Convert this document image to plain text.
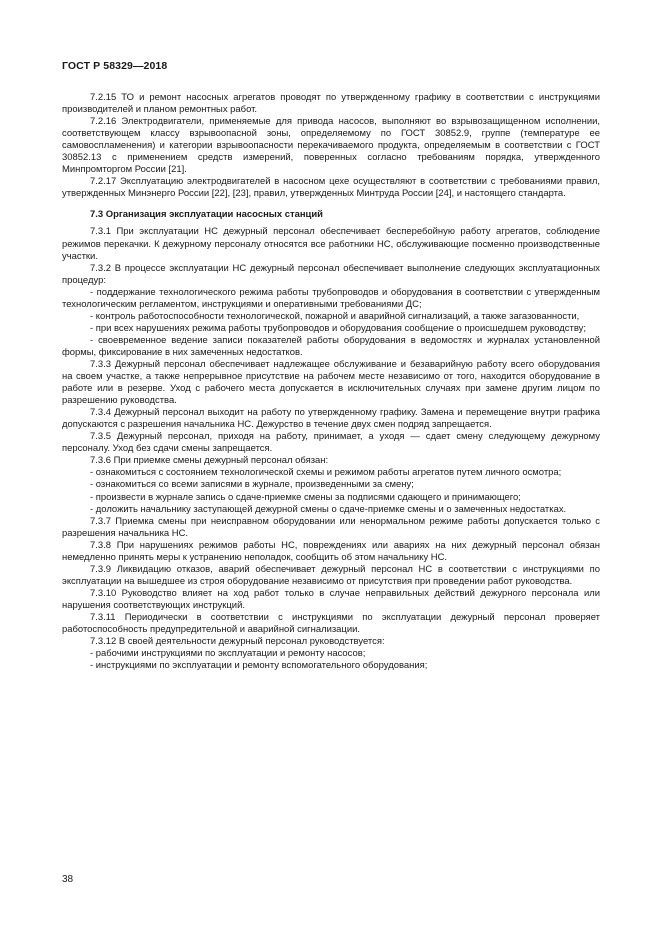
ГОСТ Р 58329—2018

7.2.15 ТО и ремонт насосных агрегатов проводят по утвержденному графику в соответствии с инструкциями производителей и планом ремонтных работ.

7.2.16 Электродвигатели, применяемые для привода насосов, выполняют во взрывозащищенном исполнении, соответствующем классу взрывоопасной зоны, определяемому по ГОСТ 30852.9, группе (температуре ее самовоспламенения) и категории взрывоопасности перекачиваемого продукта, определяемым в соответствии с ГОСТ 30852.13 с применением средств измерений, поверенных согласно требованиям порядка, утвержденного Минпромторгом России [21].

7.2.17 Эксплуатацию электродвигателей в насосном цехе осуществляют в соответствии с требованиями правил, утвержденных Минэнерго России [22], [23], правил, утвержденных Минтруда России [24], и настоящего стандарта.

7.3 Организация эксплуатации насосных станций

7.3.1 При эксплуатации НС дежурный персонал обеспечивает бесперебойную работу агрегатов, соблюдение режимов перекачки. К дежурному персоналу относятся все работники НС, обслуживающие посменно производственные участки.

7.3.2 В процессе эксплуатации НС дежурный персонал обеспечивает выполнение следующих эксплуатационных процедур:

- поддержание технологического режима работы трубопроводов и оборудования в соответствии с утвержденным технологическим регламентом, инструкциями и оперативными требованиями ДС;

- контроль работоспособности технологической, пожарной и аварийной сигнализаций, а также загазованности,

- при всех нарушениях режима работы трубопроводов и оборудования сообщение о происшедшем руководству;

- своевременное ведение записи показателей работы оборудования в ведомостях и журналах установленной формы, фиксирование в них замеченных недостатков.

7.3.3 Дежурный персонал обеспечивает надлежащее обслуживание и безаварийную работу всего оборудования на своем участке, а также непрерывное присутствие на рабочем месте независимо от того, находится оборудование в работе или в резерве. Уход с рабочего места допускается в исключительных случаях при замене другим лицом по разрешению руководства.

7.3.4 Дежурный персонал выходит на работу по утвержденному графику. Замена и перемещение внутри графика допускаются с разрешения начальника НС. Дежурство в течение двух смен подряд запрещается.

7.3.5 Дежурный персонал, приходя на работу, принимает, а уходя — сдает смену следующему дежурному персоналу. Уход без сдачи смены запрещается.

7.3.6 При приемке смены дежурный персонал обязан:

- ознакомиться с состоянием технологической схемы и режимом работы агрегатов путем личного осмотра;

- ознакомиться со всеми записями в журнале, произведенными за смену;

- произвести в журнале запись о сдаче-приемке смены за подписями сдающего и принимающего;

- доложить начальнику заступающей дежурной смены о сдаче-приемке смены и о замеченных недостатках.

7.3.7 Приемка смены при неисправном оборудовании или ненормальном режиме работы допускается только с разрешения начальника НС.

7.3.8 При нарушениях режимов работы НС, повреждениях или авариях на них дежурный персонал обязан немедленно принять меры к устранению неполадок, сообщить об этом начальнику НС.

7.3.9 Ликвидацию отказов, аварий обеспечивает дежурный персонал НС в соответствии с инструкциями по эксплуатации на вышедшее из строя оборудование независимо от присутствия при проведении работ руководства.

7.3.10 Руководство влияет на ход работ только в случае неправильных действий дежурного персонала или нарушения соответствующих инструкций.

7.3.11 Периодически в соответствии с инструкциями по эксплуатации дежурный персонал проверяет работоспособность предупредительной и аварийной сигнализации.

7.3.12 В своей деятельности дежурный персонал руководствуется:

- рабочими инструкциями по эксплуатации и ремонту насосов;

- инструкциями по эксплуатации и ремонту вспомогательного оборудования;

38
